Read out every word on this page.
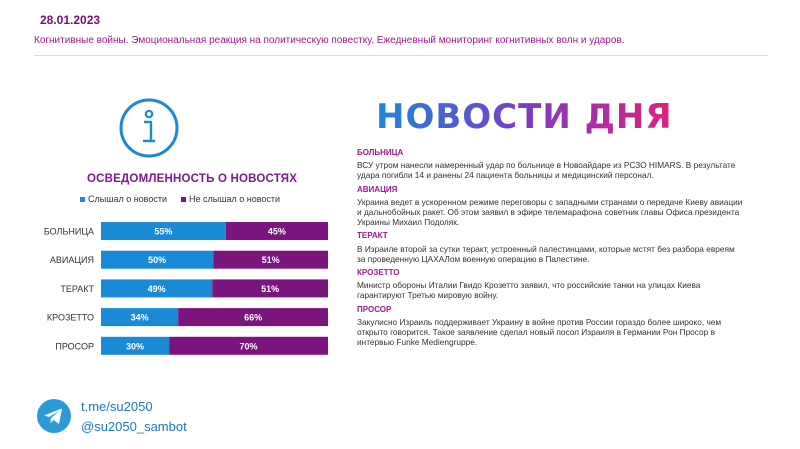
28.01.2023
Когнитивные войны. Эмоциональная реакция на политическую повестку. Ежедневный мониторинг когнитивных волн и ударов.
ОСВЕДОМЛЕННОСТЬ О НОВОСТЯХ
Слышал о новости Не слышал о новости
БОЛЬНИЦА	55%	45%
АВИАЦИЯ	50%	51%
ТЕРАКТ	49%	51%
КРОЗЕТТО	34%	66%
ПРОСОР	30%	70%
НОВОСТИ ДНЯ
БОЛЬНИЦА
ВСУ утром нанесли намеренный удар по больнице в Новоайдаре из РСЗО HIMARS. В результате удара погибли 14 и ранены 24 пациента больницы и медицинский персонал.
АВИАЦИЯ
Украина ведет в ускоренном режиме переговоры с западными странами о передаче Киеву авиации и дальнобойных ракет. Об этом заявил в эфире телемарафона советник главы Офиса президента Украины Михаил Подоляк.
ТЕРАКТ
В Израиле второй за сутки теракт, устроенный палестинцами, которые мстят без разбора евреям за проведенную ЦАХАЛом военную операцию в Палестине.
КРОЗЕТТО
Министр обороны Италии Гвидо Крозетто заявил, что российские танки на улицах Киева гарантируют Третью мировую войну.
ПРОСОР
Закулисно Израиль поддерживает Украину в войне против России гораздо более широко, чем открыто говорится. Такое заявление сделал новый посол Израиля в Германии Рон Просор в интервью Funke Mediengruppe.
t.me/su2050
@su2050_sambot
